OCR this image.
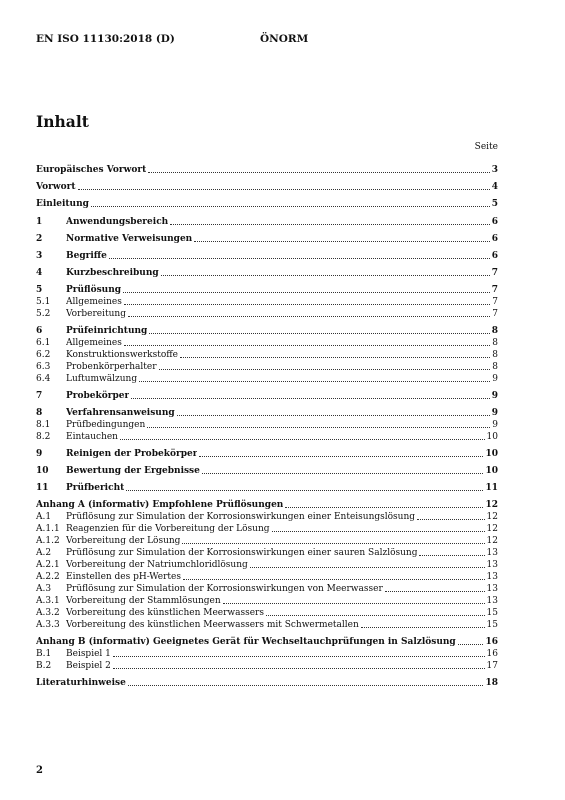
EN ISO 11130:2018 (D)	ÖNORM
Inhalt
Seite
Europäisches Vorwort	3
Vorwort	4
Einleitung	5
1	Anwendungsbereich	6
2	Normative Verweisungen	6
3	Begriffe	6
4	Kurzbeschreibung	7
5	Prüflösung	7
5.1	Allgemeines	7
5.2	Vorbereitung	7
6	Prüfeinrichtung	8
6.1	Allgemeines	8
6.2	Konstruktionswerkstoffe	8
6.3	Probenkörperhalter	8
6.4	Luftumwälzung	9
7	Probekörper	9
8	Verfahrensanweisung	9
8.1	Prüfbedingungen	9
8.2	Eintauchen	10
9	Reinigen der Probekörper	10
10	Bewertung der Ergebnisse	10
11	Prüfbericht	11
Anhang A (informativ) Empfohlene Prüflösungen	12
A.1	Prüflösung zur Simulation der Korrosionswirkungen einer Enteisungslösung	12
A.1.1 Reagenzien für die Vorbereitung der Lösung	12
A.1.2 Vorbereitung der Lösung	12
A.2	Prüflösung zur Simulation der Korrosionswirkungen einer sauren Salzlösung	13
A.2.1 Vorbereitung der Natriumchloridlösung	13
A.2.2 Einstellen des pH-Wertes	13
A.3	Prüflösung zur Simulation der Korrosionswirkungen von Meerwasser	13
A.3.1 Vorbereitung der Stammlösungen	13
A.3.2 Vorbereitung des künstlichen Meerwassers	15
A.3.3 Vorbereitung des künstlichen Meerwassers mit Schwermetallen	15
Anhang B (informativ) Geeignetes Gerät für Wechseltauchprüfungen in Salzlösung	16
B.1	Beispiel 1	16
B.2	Beispiel 2	17
Literaturhinweise	18
2
